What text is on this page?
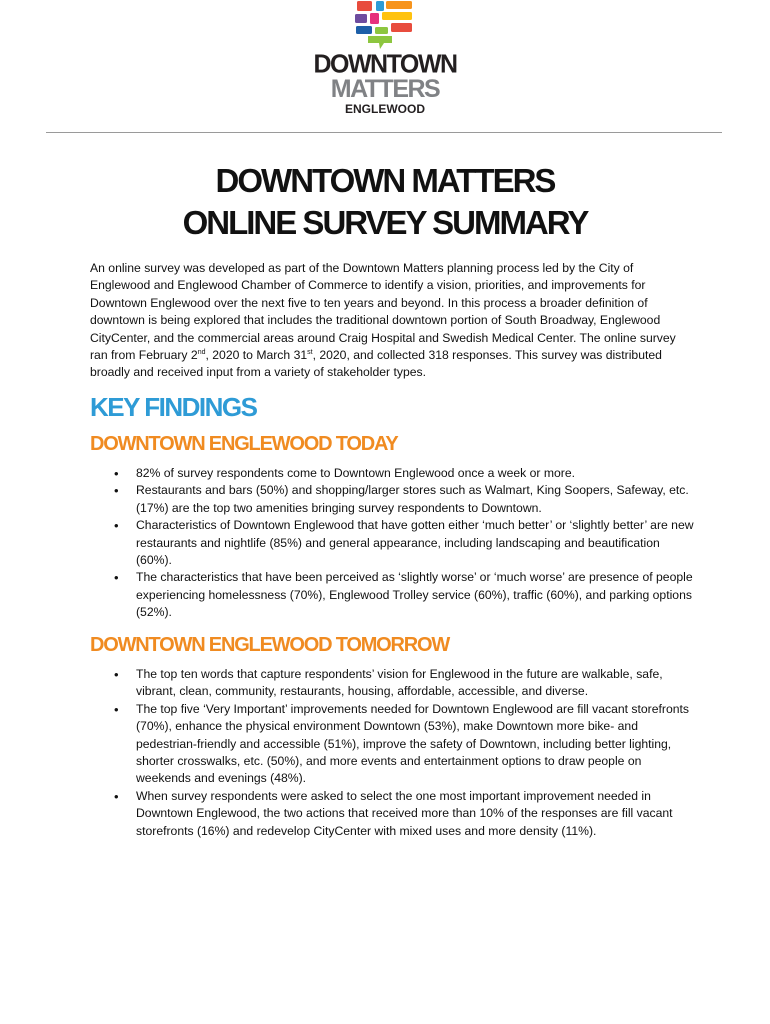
DOWNTOWN
MATTERS
ENGLEWOOD
DOWNTOWN MATTERS
ONLINE SURVEY SUMMARY

An online survey was developed as part of the Downtown Matters planning process led by the City of Englewood and Englewood Chamber of Commerce to identify a vision, priorities, and improvements for Downtown Englewood over the next five to ten years and beyond. In this process a broader definition of downtown is being explored that includes the traditional downtown portion of South Broadway, Englewood CityCenter, and the commercial areas around Craig Hospital and Swedish Medical Center. The online survey ran from February 2nd, 2020 to March 31st, 2020, and collected 318 responses. This survey was distributed broadly and received input from a variety of stakeholder types.

KEY FINDINGS
DOWNTOWN ENGLEWOOD TODAY
• 82% of survey respondents come to Downtown Englewood once a week or more.
• Restaurants and bars (50%) and shopping/larger stores such as Walmart, King Soopers, Safeway, etc. (17%) are the top two amenities bringing survey respondents to Downtown.
• Characteristics of Downtown Englewood that have gotten either ‘much better’ or ‘slightly better’ are new restaurants and nightlife (85%) and general appearance, including landscaping and beautification (60%).
• The characteristics that have been perceived as ‘slightly worse’ or ‘much worse’ are presence of people experiencing homelessness (70%), Englewood Trolley service (60%), traffic (60%), and parking options (52%).
DOWNTOWN ENGLEWOOD TOMORROW
• The top ten words that capture respondents’ vision for Englewood in the future are walkable, safe, vibrant, clean, community, restaurants, housing, affordable, accessible, and diverse.
• The top five ‘Very Important’ improvements needed for Downtown Englewood are fill vacant storefronts (70%), enhance the physical environment Downtown (53%), make Downtown more bike- and pedestrian-friendly and accessible (51%), improve the safety of Downtown, including better lighting, shorter crosswalks, etc. (50%), and more events and entertainment options to draw people on weekends and evenings (48%).
• When survey respondents were asked to select the one most important improvement needed in Downtown Englewood, the two actions that received more than 10% of the responses are fill vacant storefronts (16%) and redevelop CityCenter with mixed uses and more density (11%).
